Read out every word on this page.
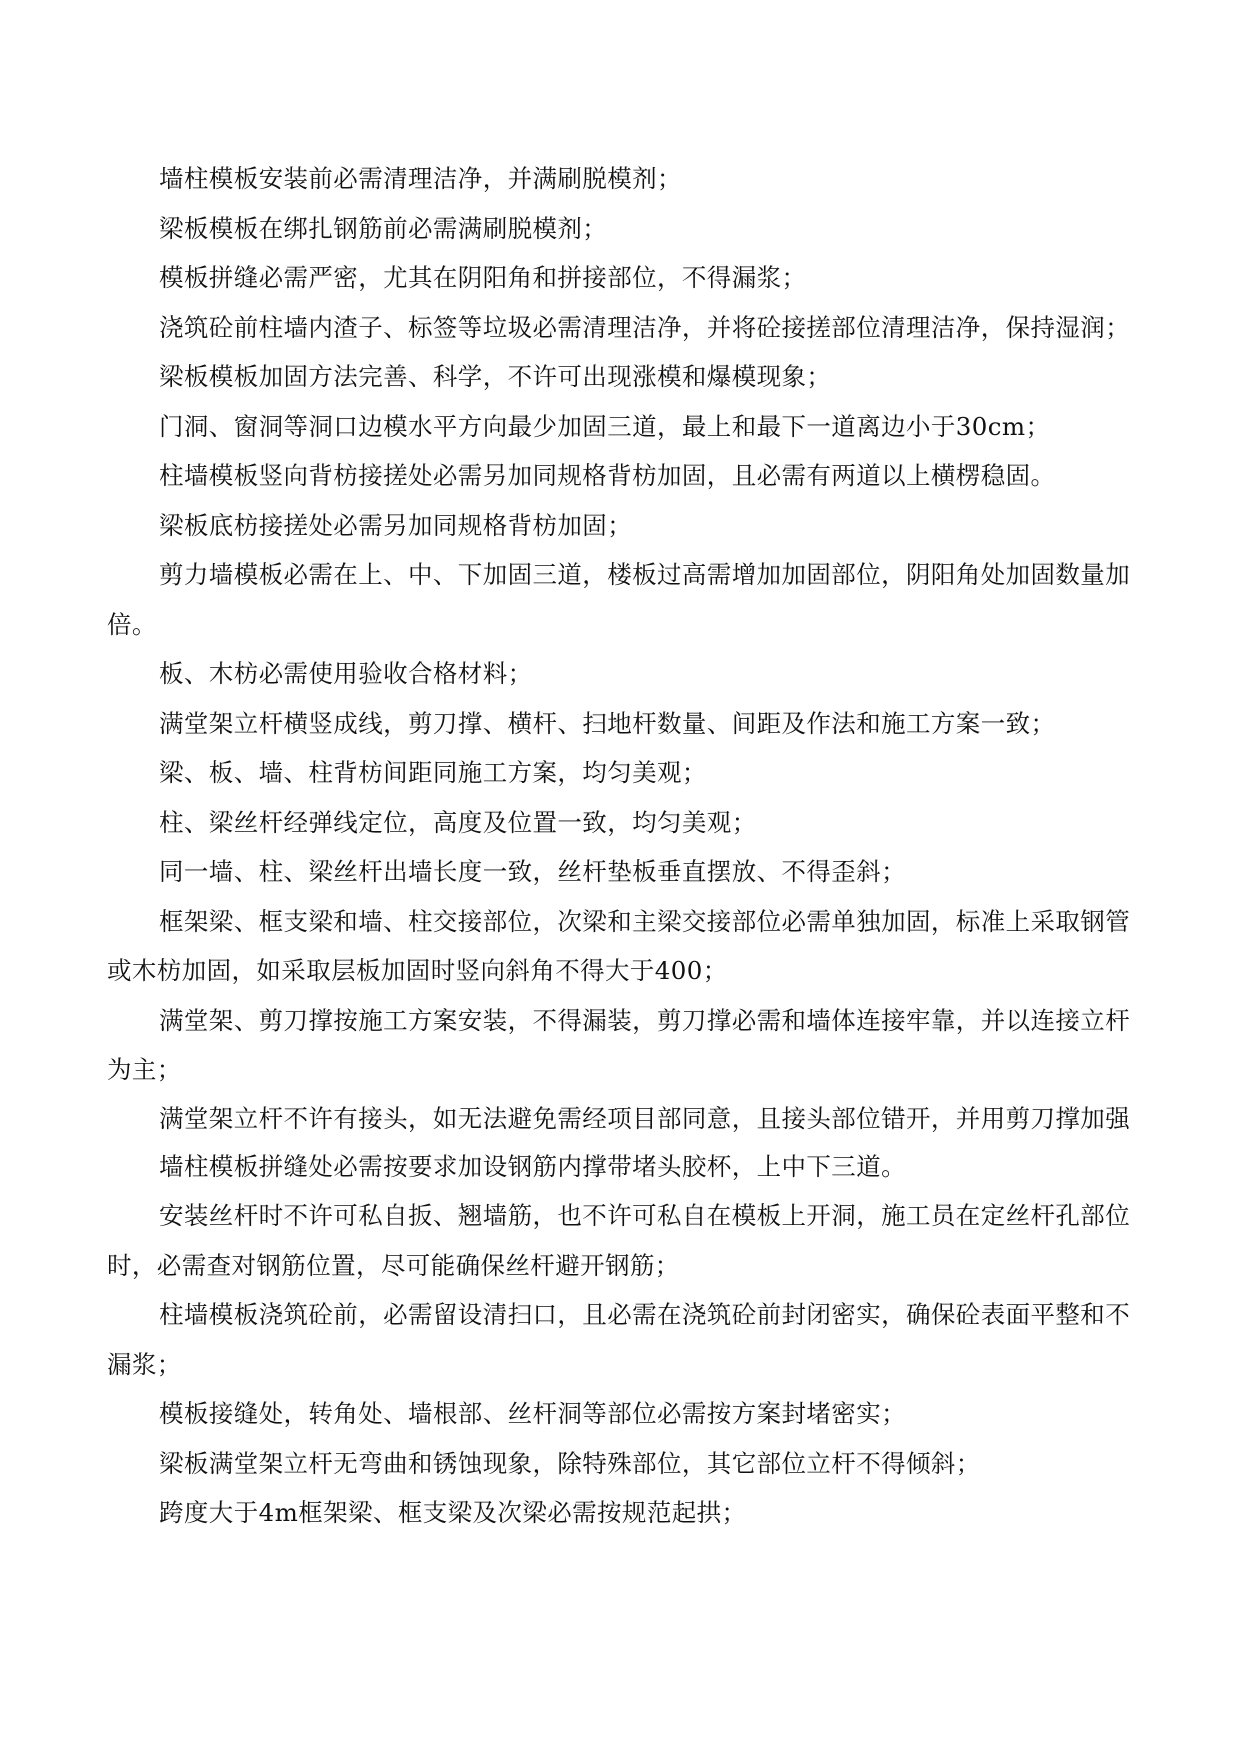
墙柱模板安装前必需清理洁净，并满刷脱模剂；

梁板模板在绑扎钢筋前必需满刷脱模剂；

模板拼缝必需严密，尤其在阴阳角和拼接部位，不得漏浆；

浇筑砼前柱墙内渣子、标签等垃圾必需清理洁净，并将砼接搓部位清理洁净，保持湿润；

梁板模板加固方法完善、科学，不许可出现涨模和爆模现象；

门洞、窗洞等洞口边模水平方向最少加固三道，最上和最下一道离边小于30cm；

柱墙模板竖向背枋接搓处必需另加同规格背枋加固，且必需有两道以上横楞稳固。

梁板底枋接搓处必需另加同规格背枋加固；

剪力墙模板必需在上、中、下加固三道，楼板过高需增加加固部位，阴阳角处加固数量加倍。

板、木枋必需使用验收合格材料；

满堂架立杆横竖成线，剪刀撑、横杆、扫地杆数量、间距及作法和施工方案一致；

梁、板、墙、柱背枋间距同施工方案，均匀美观；

柱、梁丝杆经弹线定位，高度及位置一致，均匀美观；

同一墙、柱、梁丝杆出墙长度一致，丝杆垫板垂直摆放、不得歪斜；

框架梁、框支梁和墙、柱交接部位，次梁和主梁交接部位必需单独加固，标准上采取钢管或木枋加固，如采取层板加固时竖向斜角不得大于400；

满堂架、剪刀撑按施工方案安装，不得漏装，剪刀撑必需和墙体连接牢靠，并以连接立杆为主；

满堂架立杆不许有接头，如无法避免需经项目部同意，且接头部位错开，并用剪刀撑加强

墙柱模板拼缝处必需按要求加设钢筋内撑带堵头胶杯，上中下三道。

安装丝杆时不许可私自扳、翘墙筋，也不许可私自在模板上开洞，施工员在定丝杆孔部位时，必需查对钢筋位置，尽可能确保丝杆避开钢筋；

柱墙模板浇筑砼前，必需留设清扫口，且必需在浇筑砼前封闭密实，确保砼表面平整和不漏浆；

模板接缝处，转角处、墙根部、丝杆洞等部位必需按方案封堵密实；

梁板满堂架立杆无弯曲和锈蚀现象，除特殊部位，其它部位立杆不得倾斜；

跨度大于4m框架梁、框支梁及次梁必需按规范起拱；
